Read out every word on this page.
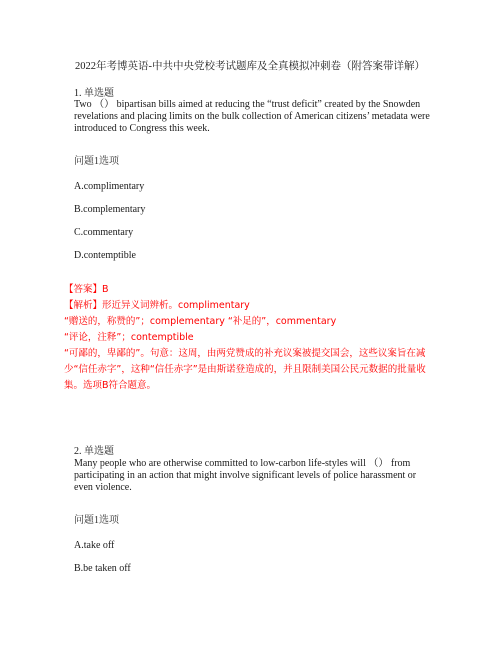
2022年考博英语-中共中央党校考试题库及全真模拟冲刺卷（附答案带详解）
1. 单选题
Two （） bipartisan bills aimed at reducing the “trust deficit” created by the Snowden revelations and placing limits on the bulk collection of American citizens’ metadata were introduced to Congress this week.
问题1选项
A.complimentary
B.complementary
C.commentary
D.contemptible
【答案】B
【解析】形近异义词辨析。complimentary
“赠送的，称赞的”；complementary “补足的”，commentary
“评论，注释”；contemptible
“可鄙的，卑鄙的”。句意：这周，由两党赞成的补充议案被提交国会，这些议案旨在减少“信任赤字”，这种“信任赤字”是由斯诺登造成的，并且限制美国公民元数据的批量收集。选项B符合题意。
2. 单选题
Many people who are otherwise committed to low-carbon life-styles will （） from participating in an action that might involve significant levels of police harassment or even violence.
问题1选项
A.take off
B.be taken off
